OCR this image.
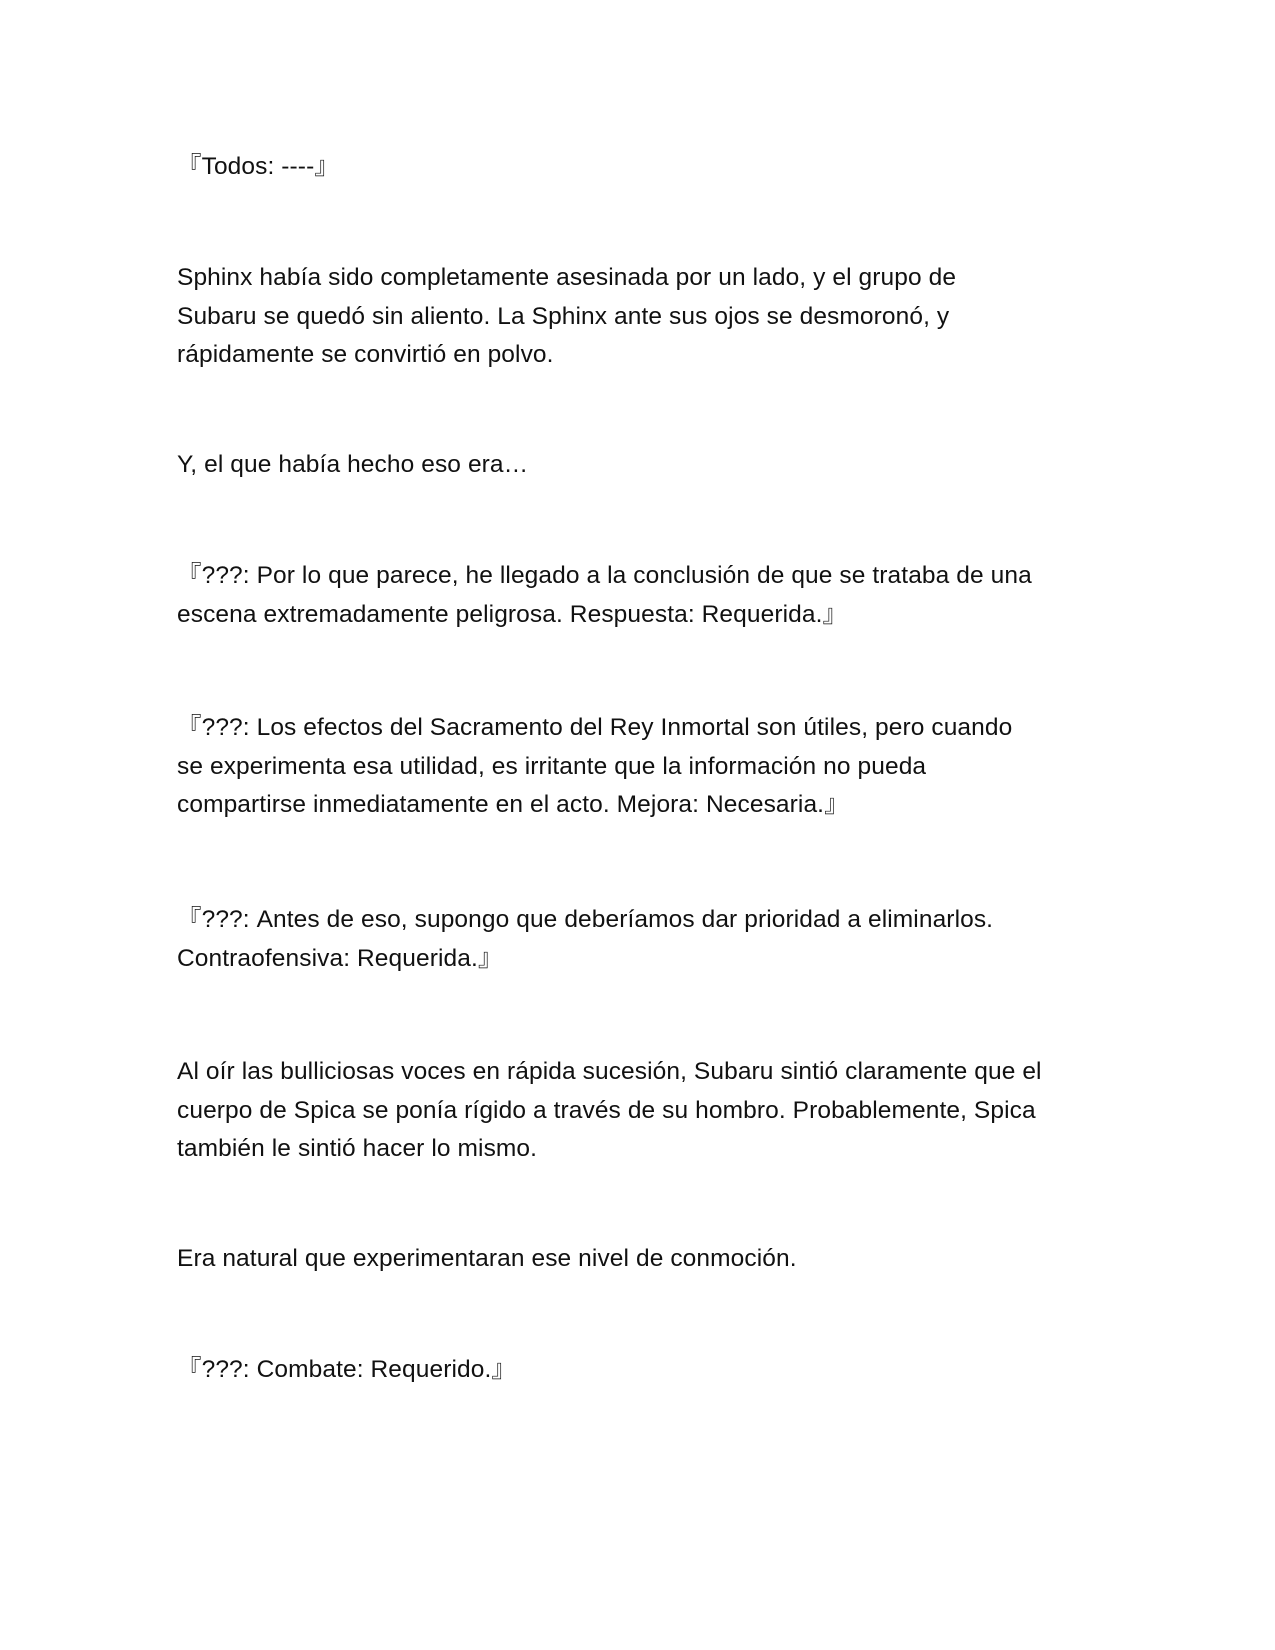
『Todos: ----』

Sphinx había sido completamente asesinada por un lado, y el grupo de
Subaru se quedó sin aliento. La Sphinx ante sus ojos se desmoronó, y
rápidamente se convirtió en polvo.

Y, el que había hecho eso era…

『???: Por lo que parece, he llegado a la conclusión de que se trataba de una
escena extremadamente peligrosa. Respuesta: Requerida.』

『???: Los efectos del Sacramento del Rey Inmortal son útiles, pero cuando
se experimenta esa utilidad, es irritante que la información no pueda
compartirse inmediatamente en el acto. Mejora: Necesaria.』

『???: Antes de eso, supongo que deberíamos dar prioridad a eliminarlos.
Contraofensiva: Requerida.』

Al oír las bulliciosas voces en rápida sucesión, Subaru sintió claramente que el
cuerpo de Spica se ponía rígido a través de su hombro. Probablemente, Spica
también le sintió hacer lo mismo.

Era natural que experimentaran ese nivel de conmoción.

『???: Combate: Requerido.』
